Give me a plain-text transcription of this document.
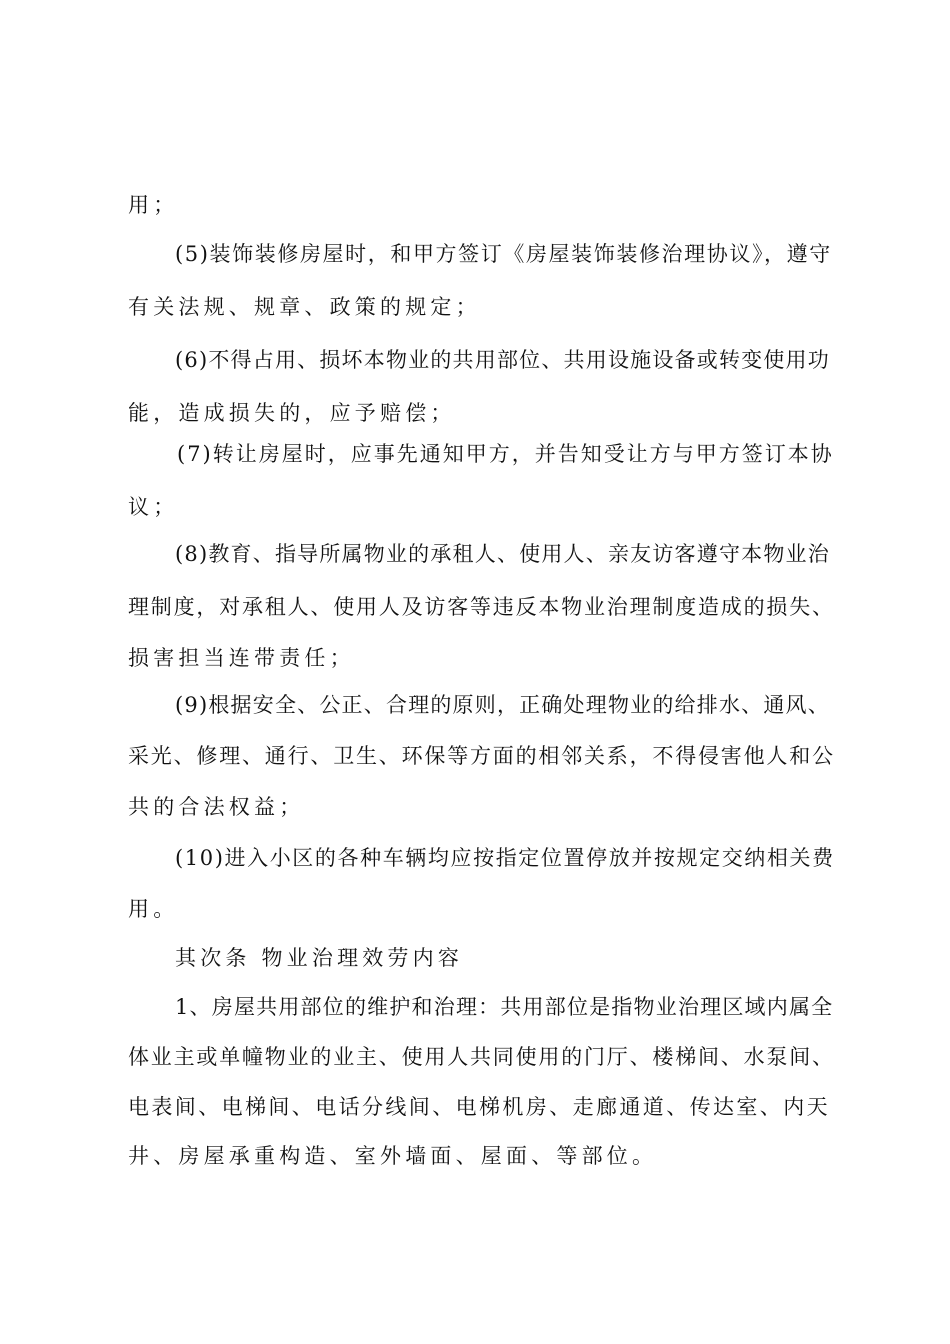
用；
(5)装饰装修房屋时，和甲方签订《房屋装饰装修治理协议》，遵守
有关法规、规章、政策的规定；
(6)不得占用、损坏本物业的共用部位、共用设施设备或转变使用功
能，造成损失的，应予赔偿；
(7)转让房屋时，应事先通知甲方，并告知受让方与甲方签订本协
议；
(8)教育、指导所属物业的承租人、使用人、亲友访客遵守本物业治
理制度，对承租人、使用人及访客等违反本物业治理制度造成的损失、
损害担当连带责任；
(9)根据安全、公正、合理的原则，正确处理物业的给排水、通风、
采光、修理、通行、卫生、环保等方面的相邻关系，不得侵害他人和公
共的合法权益；
(10)进入小区的各种车辆均应按指定位置停放并按规定交纳相关费
用。
其次条 物业治理效劳内容
1、房屋共用部位的维护和治理：共用部位是指物业治理区域内属全
体业主或单幢物业的业主、使用人共同使用的门厅、楼梯间、水泵间、
电表间、电梯间、电话分线间、电梯机房、走廊通道、传达室、内天
井、房屋承重构造、室外墙面、屋面、等部位。
